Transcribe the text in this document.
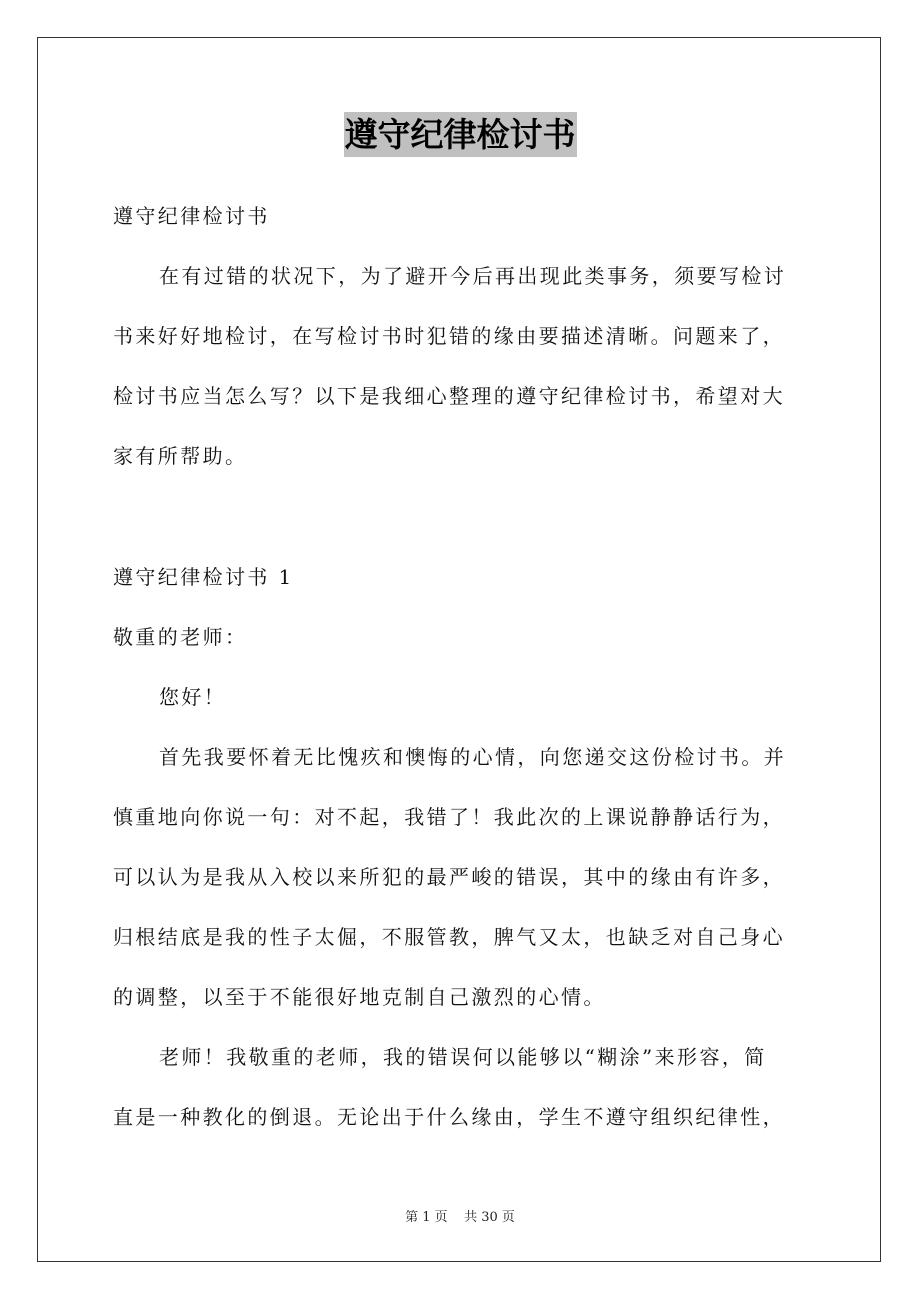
遵守纪律检讨书
遵守纪律检讨书
在有过错的状况下，为了避开今后再出现此类事务，须要写检讨
书来好好地检讨，在写检讨书时犯错的缘由要描述清晰。问题来了，
检讨书应当怎么写？以下是我细心整理的遵守纪律检讨书，希望对大
家有所帮助。
遵守纪律检讨书 1
敬重的老师：
您好！
首先我要怀着无比愧疚和懊悔的心情，向您递交这份检讨书。并
慎重地向你说一句：对不起，我错了！我此次的上课说静静话行为，
可以认为是我从入校以来所犯的最严峻的错误，其中的缘由有许多，
归根结底是我的性子太倔，不服管教，脾气又太，也缺乏对自己身心
的调整，以至于不能很好地克制自己激烈的心情。
老师！我敬重的老师，我的错误何以能够以“糊涂”来形容，简
直是一种教化的倒退。无论出于什么缘由，学生不遵守组织纪律性，
第 1 页    共 30 页
